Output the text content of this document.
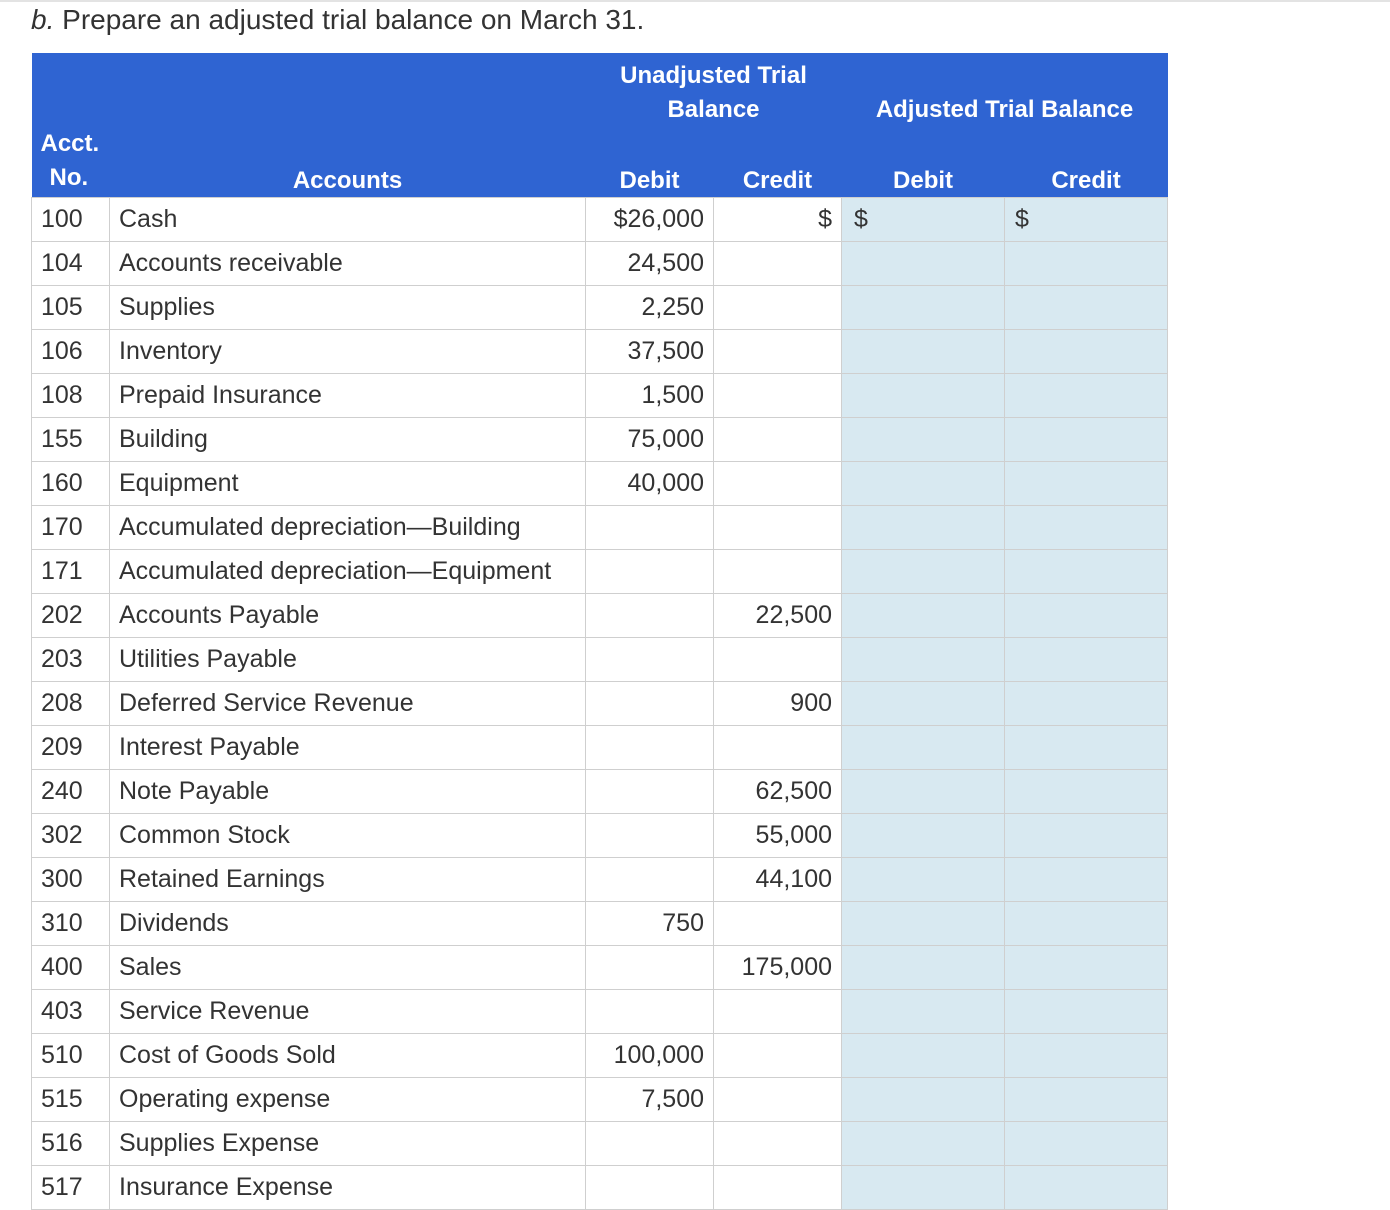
b. Prepare an adjusted trial balance on March 31.

		Unadjusted Trial
Balance		Adjusted Trial Balance	

Acct.
No.	Accounts	Debit	Credit	Debit	Credit
100	Cash	$26,000	$	$	$
104	Accounts receivable	24,500			
105	Supplies	2,250			
106	Inventory	37,500			
108	Prepaid Insurance	1,500			
155	Building	75,000			
160	Equipment	40,000			
170	Accumulated depreciation—Building				
171	Accumulated depreciation—Equipment				
202	Accounts Payable		22,500		
203	Utilities Payable				
208	Deferred Service Revenue		900		
209	Interest Payable				
240	Note Payable		62,500		
302	Common Stock		55,000		
300	Retained Earnings		44,100		
310	Dividends	750			
400	Sales		175,000		
403	Service Revenue				
510	Cost of Goods Sold	100,000			
515	Operating expense	7,500			
516	Supplies Expense				
517	Insurance Expense				
